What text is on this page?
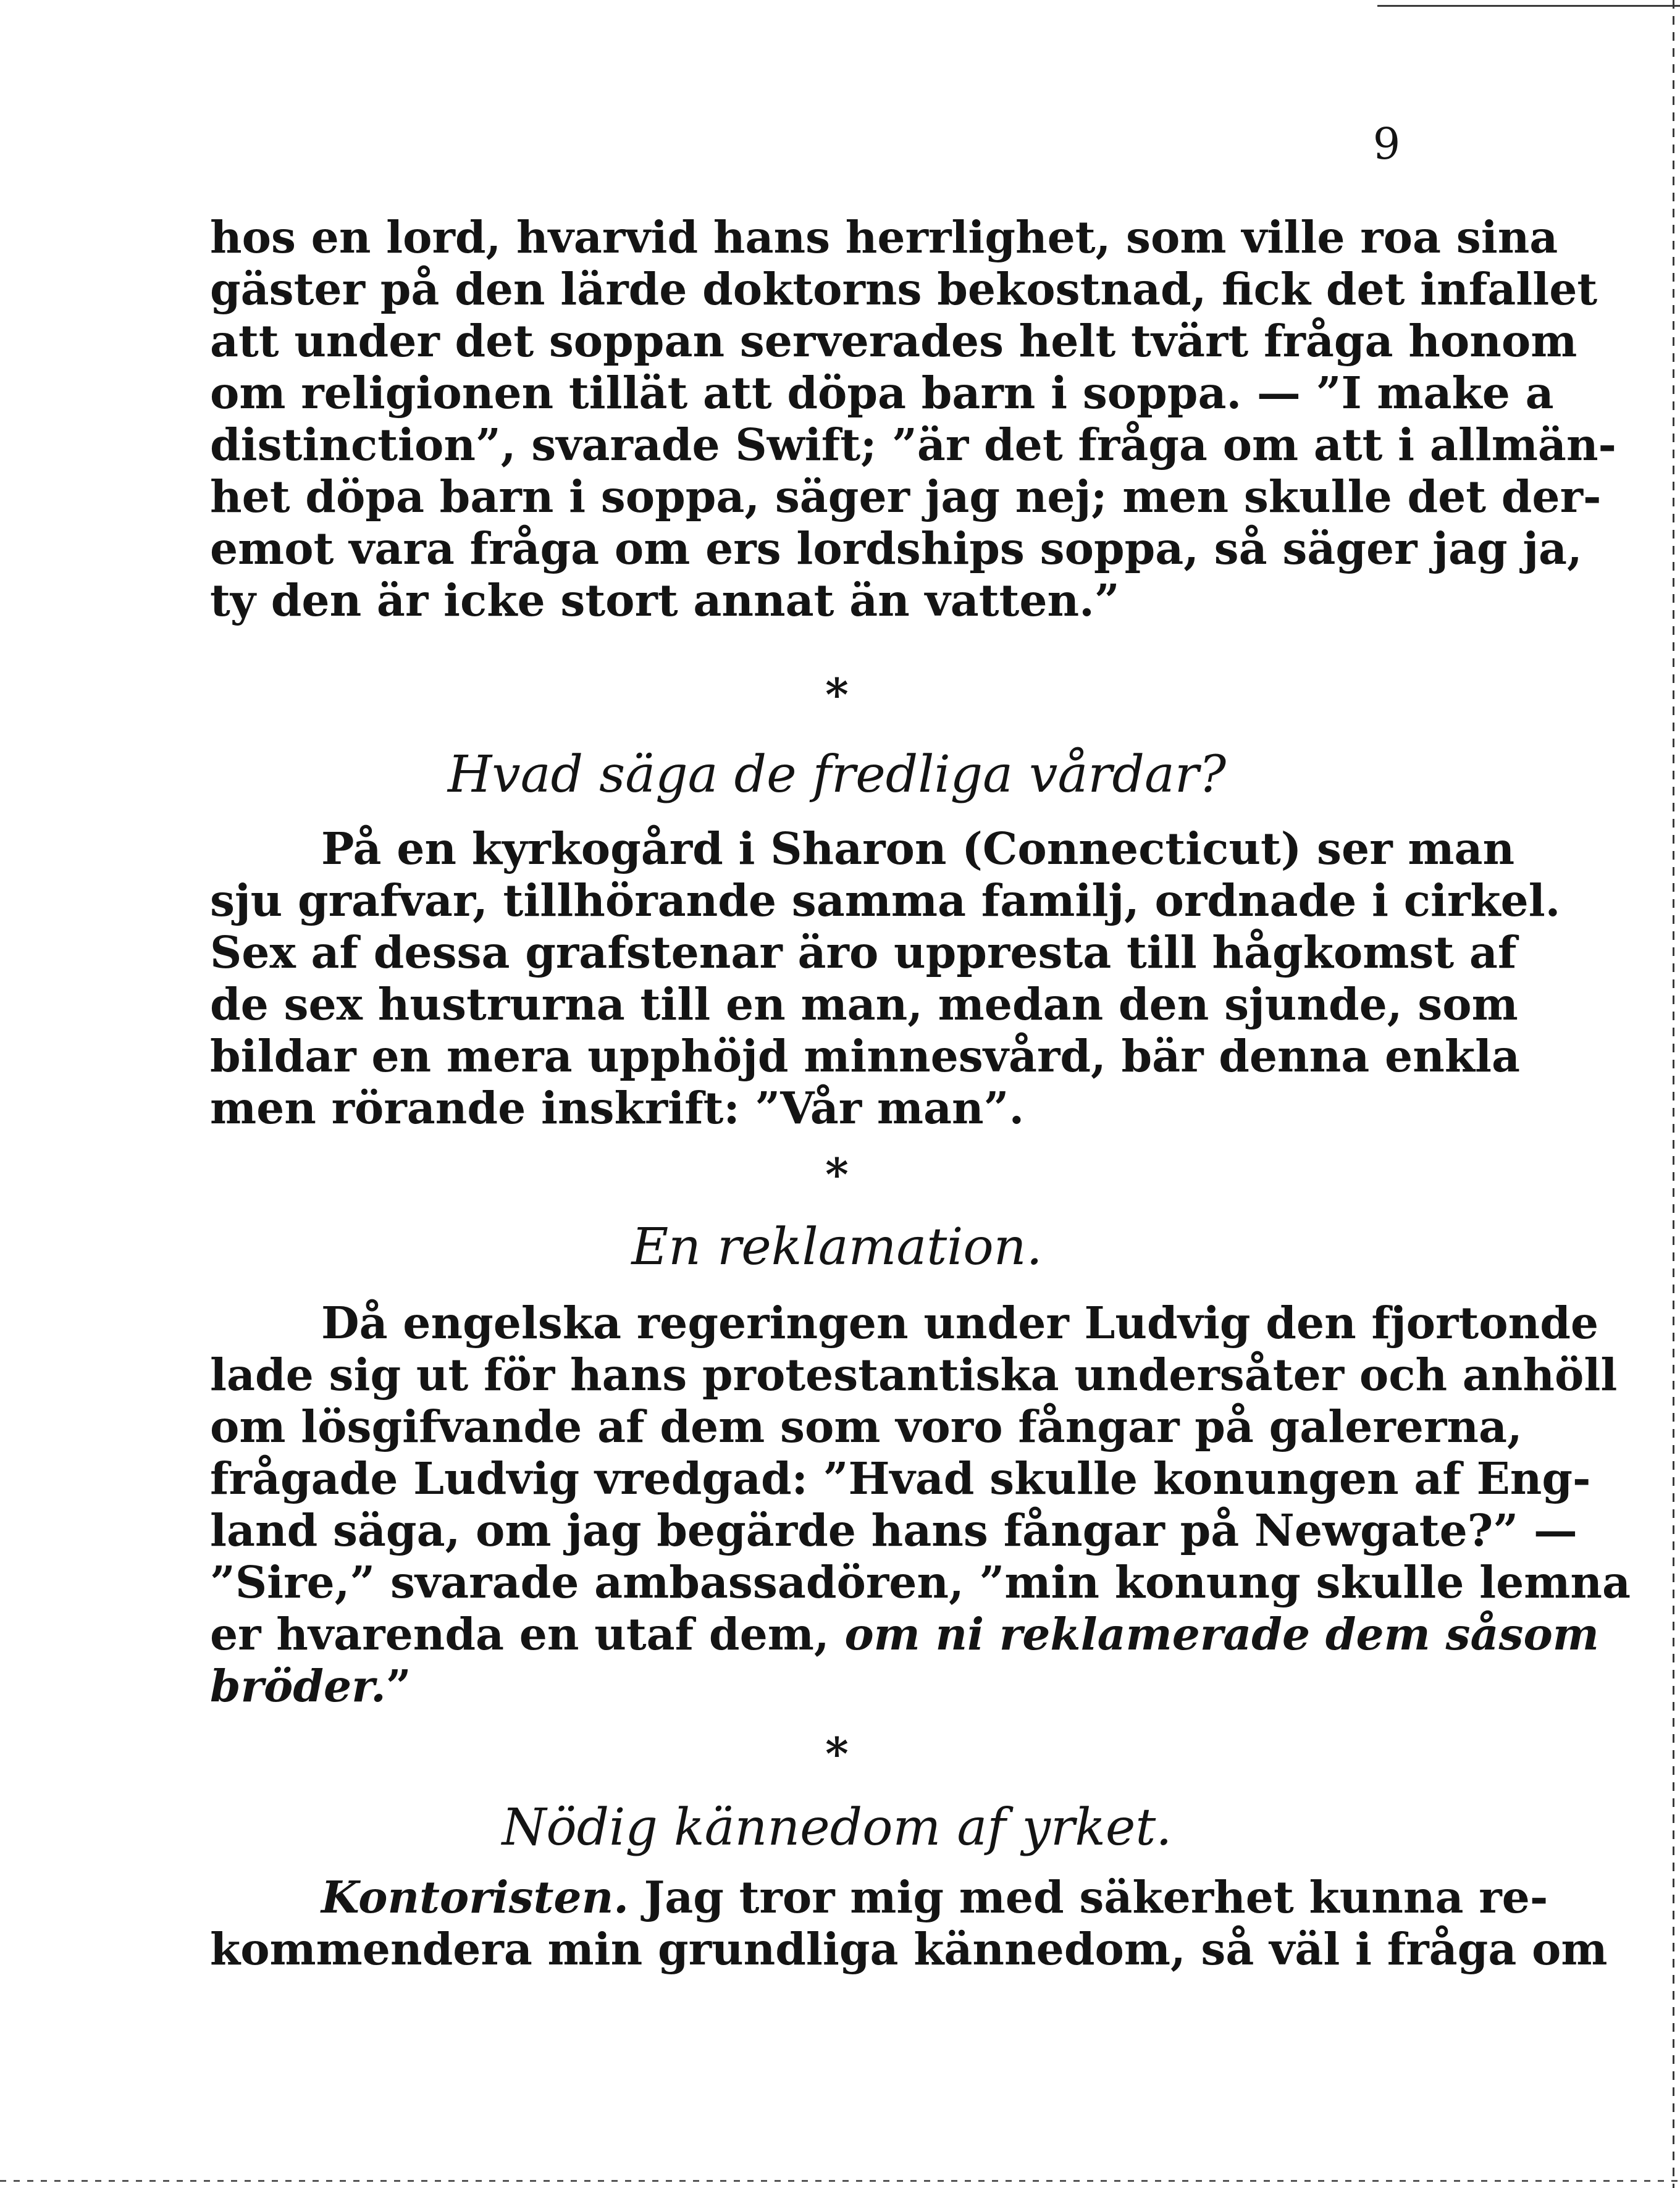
9
hos en lord, hvarvid hans herrlighet, som ville roa sina
gäster på den lärde doktorns bekostnad, fick det infallet
att under det soppan serverades helt tvärt fråga honom
om religionen tillät att döpa barn i soppa. — ”I make a
distinction”, svarade Swift; ”är det fråga om att i allmän-
het döpa barn i soppa, säger jag nej; men skulle det der-
emot vara fråga om ers lordships soppa, så säger jag ja,
ty den är icke stort annat än vatten.”
*
Hvad säga de fredliga vårdar?
På en kyrkogård i Sharon (Connecticut) ser man
sju grafvar, tillhörande samma familj, ordnade i cirkel.
Sex af dessa grafstenar äro uppresta till hågkomst af
de sex hustrurna till en man, medan den sjunde, som
bildar en mera upphöjd minnesvård, bär denna enkla
men rörande inskrift: ”Vår man”.
*
En reklamation.
Då engelska regeringen under Ludvig den fjortonde
lade sig ut för hans protestantiska undersåter och anhöll
om lösgifvande af dem som voro fångar på galererna,
frågade Ludvig vredgad: ”Hvad skulle konungen af Eng-
land säga, om jag begärde hans fångar på Newgate?” —
”Sire,” svarade ambassadören, ”min konung skulle lemna
er hvarenda en utaf dem, om ni reklamerade dem såsom
bröder.”
*
Nödig kännedom af yrket.
Kontoristen. Jag tror mig med säkerhet kunna re-
kommendera min grundliga kännedom, så väl i fråga om
